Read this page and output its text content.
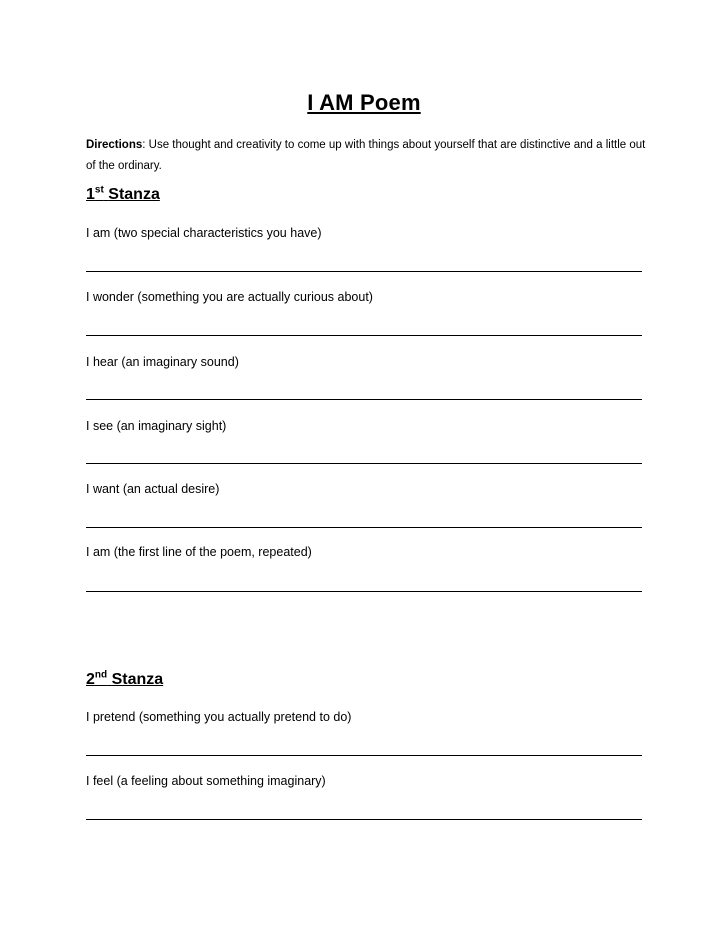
I AM Poem
Directions: Use thought and creativity to come up with things about yourself that are distinctive and a little out of the ordinary.
1st Stanza
I am (two special characteristics you have)
I wonder (something you are actually curious about)
I hear (an imaginary sound)
I see (an imaginary sight)
I want (an actual desire)
I am (the first line of the poem, repeated)
2nd Stanza
I pretend (something you actually pretend to do)
I feel (a feeling about something imaginary)
